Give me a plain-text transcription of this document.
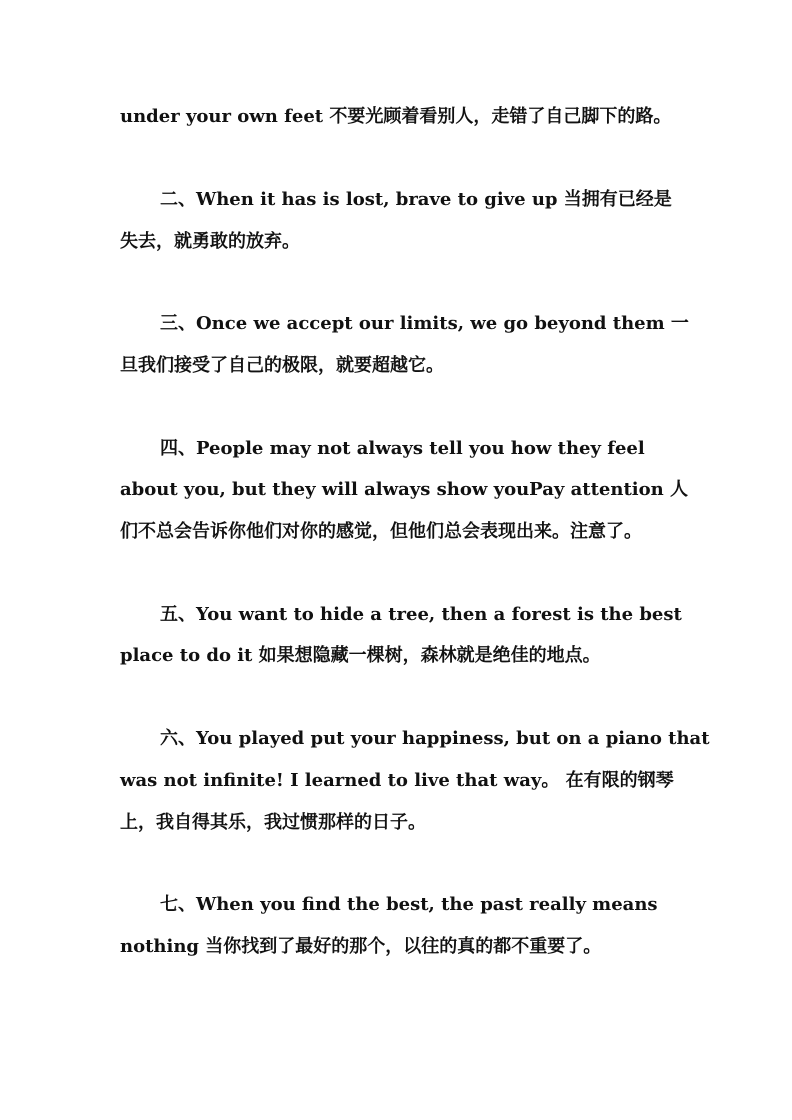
under your own feet 不要光顾着看别人，走错了自己脚下的路。

二、When it has is lost, brave to give up 当拥有已经是

失去，就勇敢的放弃。

三、Once we accept our limits, we go beyond them 一

旦我们接受了自己的极限，就要超越它。

四、People may not always tell you how they feel

about you, but they will always show youPay attention 人

们不总会告诉你他们对你的感觉，但他们总会表现出来。注意了。

五、You want to hide a tree, then a forest is the best

place to do it 如果想隐藏一棵树，森林就是绝佳的地点。

六、You played put your happiness, but on a piano that

was not infinite! I learned to live that way。 在有限的钢琴

上，我自得其乐，我过惯那样的日子。

七、When you find the best, the past really means

nothing 当你找到了最好的那个，以往的真的都不重要了。
